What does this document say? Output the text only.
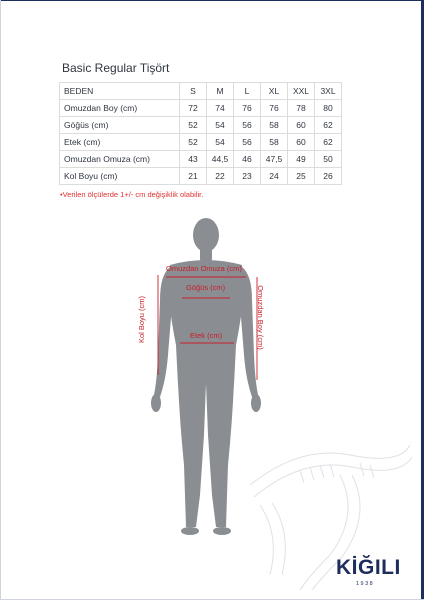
Basic Regular Tişört
BEDEN	S	M	L	XL	XXL	3XL
Omuzdan Boy (cm)	72	74	76	76	78	80
Göğüs (cm)	52	54	56	58	60	62
Etek (cm)	52	54	56	58	60	62
Omuzdan Omuza (cm)	43	44,5	46	47,5	49	50
Kol Boyu (cm)	21	22	23	24	25	26
•Verilen ölçülerde 1+/- cm değişiklik olabilir.
Omuzdan Omuza (cm)
Göğüs (cm)
Etek (cm)
Kol Boyu (cm)	Omuzdan Boy (cm)
KİĞILI
1938
